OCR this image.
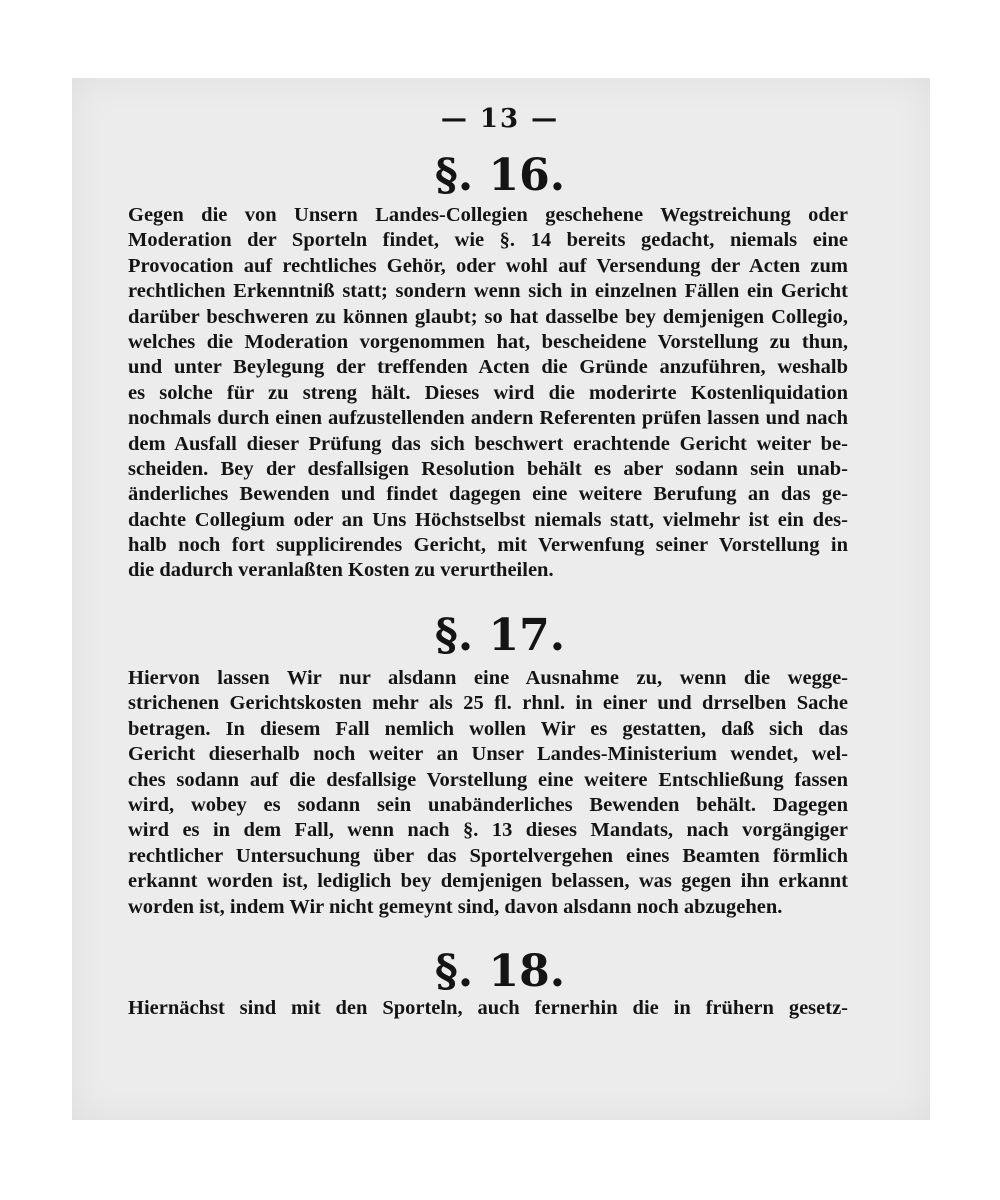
— 13 —
§. 16.
Gegen die von Unsern Landes-Collegien geschehene Wegstreichung oder
Moderation der Sporteln findet, wie §. 14 bereits gedacht, niemals eine
Provocation auf rechtliches Gehör, oder wohl auf Versendung der Acten zum
rechtlichen Erkenntniß statt; sondern wenn sich in einzelnen Fällen ein Gericht
darüber beschweren zu können glaubt; so hat dasselbe bey demjenigen Collegio,
welches die Moderation vorgenommen hat, bescheidene Vorstellung zu thun,
und unter Beylegung der treffenden Acten die Gründe anzuführen, weshalb
es solche für zu streng hält. Dieses wird die moderirte Kostenliquidation
nochmals durch einen aufzustellenden andern Referenten prüfen lassen und nach
dem Ausfall dieser Prüfung das sich beschwert erachtende Gericht weiter be-
scheiden. Bey der desfallsigen Resolution behält es aber sodann sein unab-
änderliches Bewenden und findet dagegen eine weitere Berufung an das ge-
dachte Collegium oder an Uns Höchstselbst niemals statt, vielmehr ist ein des-
halb noch fort supplicirendes Gericht, mit Verwenfung seiner Vorstellung in
die dadurch veranlaßten Kosten zu verurtheilen.
§. 17.
Hiervon lassen Wir nur alsdann eine Ausnahme zu, wenn die wegge-
strichenen Gerichtskosten mehr als 25 fl. rhnl. in einer und drrselben Sache
betragen. In diesem Fall nemlich wollen Wir es gestatten, daß sich das
Gericht dieserhalb noch weiter an Unser Landes-Ministerium wendet, wel-
ches sodann auf die desfallsige Vorstellung eine weitere Entschließung fassen
wird, wobey es sodann sein unabänderliches Bewenden behält. Dagegen
wird es in dem Fall, wenn nach §. 13 dieses Mandats, nach vorgängiger
rechtlicher Untersuchung über das Sportelvergehen eines Beamten förmlich
erkannt worden ist, lediglich bey demjenigen belassen, was gegen ihn erkannt
worden ist, indem Wir nicht gemeynt sind, davon alsdann noch abzugehen.
§. 18.
Hiernächst sind mit den Sporteln, auch fernerhin die in frühern gesetz-
